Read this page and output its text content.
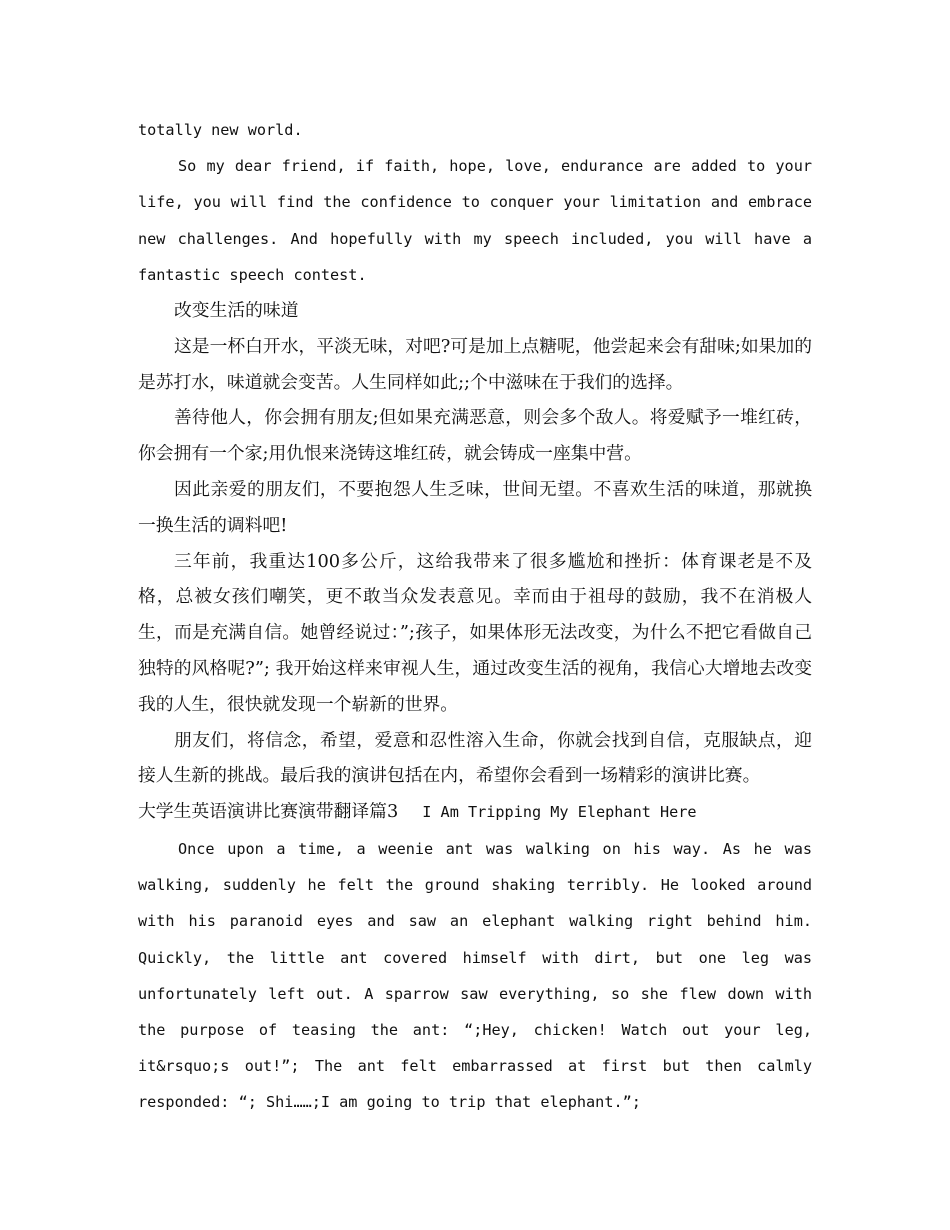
totally new world.

So my dear friend, if faith, hope, love, endurance are added to your life, you will find the confidence to conquer your limitation and embrace new challenges. And hopefully with my speech included, you will have a fantastic speech contest.

改变生活的味道

这是一杯白开水，平淡无味，对吧?可是加上点糖呢，他尝起来会有甜味;如果加的是苏打水，味道就会变苦。人生同样如此;;个中滋味在于我们的选择。

善待他人，你会拥有朋友;但如果充满恶意，则会多个敌人。将爱赋予一堆红砖，你会拥有一个家;用仇恨来浇铸这堆红砖，就会铸成一座集中营。

因此亲爱的朋友们，不要抱怨人生乏味，世间无望。不喜欢生活的味道，那就换一换生活的调料吧!

三年前，我重达100多公斤，这给我带来了很多尴尬和挫折：体育课老是不及格，总被女孩们嘲笑，更不敢当众发表意见。幸而由于祖母的鼓励，我不在消极人生，而是充满自信。她曾经说过：”;孩子，如果体形无法改变，为什么不把它看做自己独特的风格呢?”; 我开始这样来审视人生，通过改变生活的视角，我信心大增地去改变我的人生，很快就发现一个崭新的世界。

朋友们，将信念，希望，爱意和忍性溶入生命，你就会找到自信，克服缺点，迎接人生新的挑战。最后我的演讲包括在内，希望你会看到一场精彩的演讲比赛。

大学生英语演讲比赛演带翻译篇3 I Am Tripping My Elephant Here

Once upon a time, a weenie ant was walking on his way. As he was walking, suddenly he felt the ground shaking terribly. He looked around with his paranoid eyes and saw an elephant walking right behind him. Quickly, the little ant covered himself with dirt, but one leg was unfortunately left out. A sparrow saw everything, so she flew down with the purpose of teasing the ant: “;Hey, chicken! Watch out your leg, it&rsquo;s out!”; The ant felt embarrassed at first but then calmly responded: “; Shi……;I am going to trip that elephant.”;
